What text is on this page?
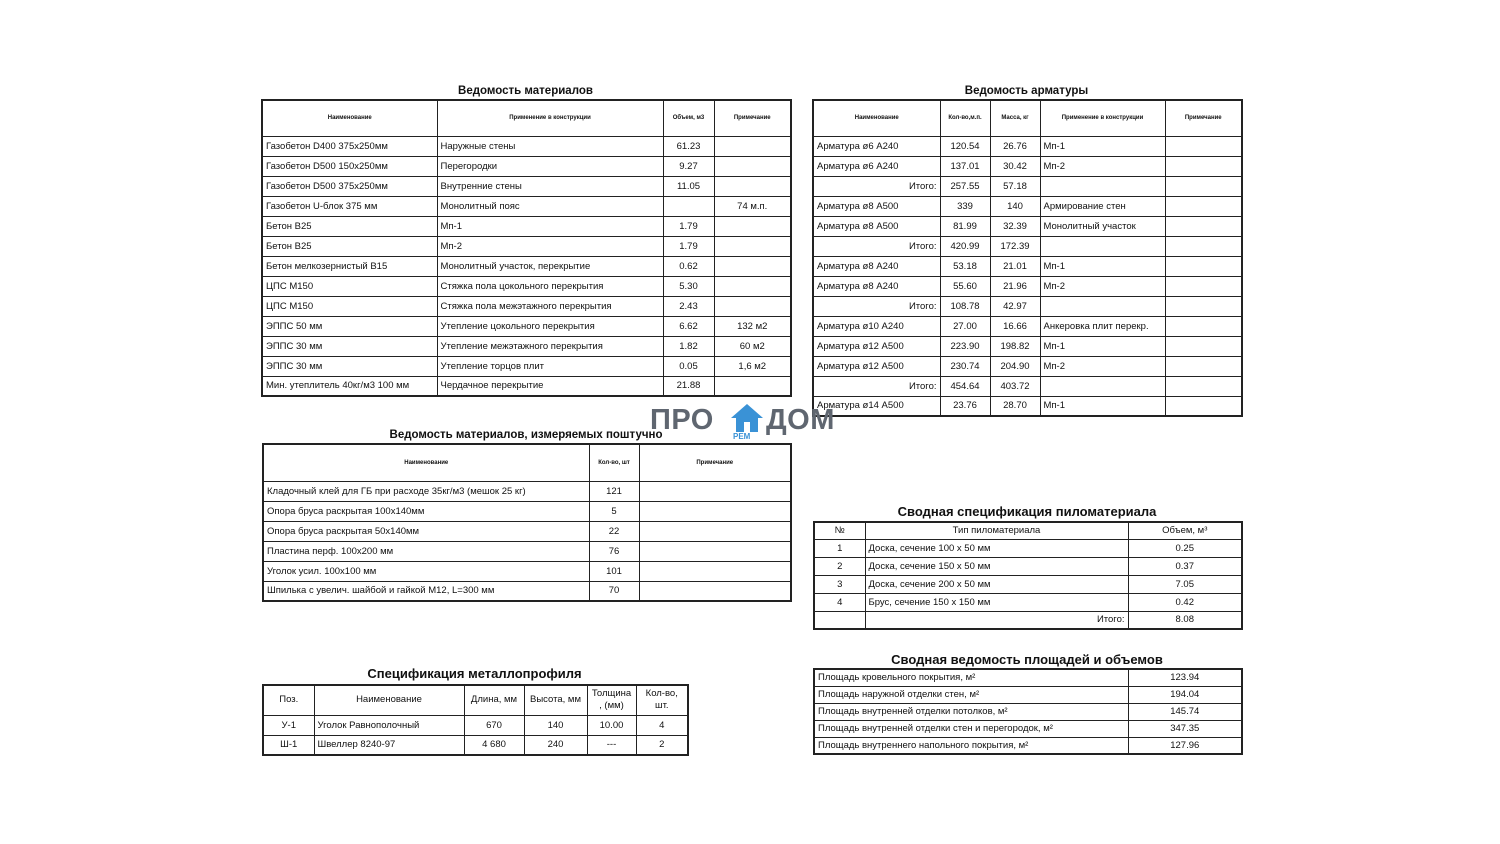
Ведомость материалов
Наименование	Применение в конструкции	Объем, м3	Примечание
Газобетон D400 375х250мм	Наружные стены	61.23	
Газобетон D500 150х250мм	Перегородки	9.27	
Газобетон D500 375х250мм	Внутренние стены	11.05	
Газобетон U-блок 375 мм	Монолитный пояс		74 м.п.
Бетон В25	Мп-1	1.79	
Бетон В25	Мп-2	1.79	
Бетон мелкозернистый В15	Монолитный участок, перекрытие	0.62	
ЦПС М150	Стяжка пола цокольного перекрытия	5.30	
ЦПС М150	Стяжка пола межэтажного перекрытия	2.43	
ЭППС 50 мм	Утепление цокольного перекрытия	6.62	132 м2
ЭППС 30 мм	Утепление межэтажного перекрытия	1.82	60 м2
ЭППС 30 мм	Утепление торцов плит	0.05	1,6 м2
Мин. утеплитель 40кг/м3 100 мм	Чердачное перекрытие	21.88	
Ведомость арматуры
Наименование	Кол-во,м.п.	Масса, кг	Применение в конструкции	Примечание
Арматура ø6 А240	120.54	26.76	Мп-1	
Арматура ø6 А240	137.01	30.42	Мп-2	
Итого:	257.55	57.18		
Арматура ø8 А500	339	140	Армирование стен	
Арматура ø8 А500	81.99	32.39	Монолитный участок	
Итого:	420.99	172.39		
Арматура ø8 А240	53.18	21.01	Мп-1	
Арматура ø8 А240	55.60	21.96	Мп-2	
Итого:	108.78	42.97		
Арматура ø10 А240	27.00	16.66	Анкеровка плит перекр.	
Арматура ø12 А500	223.90	198.82	Мп-1	
Арматура ø12 А500	230.74	204.90	Мп-2	
Итого:	454.64	403.72		
Арматура ø14 А500	23.76	28.70	Мп-1	
Ведомость материалов, измеряемых поштучно
Наименование	Кол-во, шт	Примечание
Кладочный клей для ГБ при расходе 35кг/м3 (мешок 25 кг)	121	
Опора бруса раскрытая 100х140мм	5	
Опора бруса раскрытая 50х140мм	22	
Пластина перф. 100х200 мм	76	
Уголок усил. 100х100 мм	101	
Шпилька с увелич. шайбой и гайкой М12, L=300 мм	70	
Сводная спецификация пиломатериала
№	Тип пиломатериала	Объем, м³
1	Доска, сечение 100 х 50 мм	0.25
2	Доска, сечение 150 х 50 мм	0.37
3	Доска, сечение 200 х 50 мм	7.05
4	Брус, сечение 150 х 150 мм	0.42
	Итого:	8.08
Спецификация металлопрофиля
Поз.	Наименование	Длина, мм	Высота, мм	Толщина , (мм)	Кол-во, шт.
У-1	Уголок Равнополочный	670	140	10.00	4
Ш-1	Швеллер 8240-97	4 680	240	---	2
Сводная ведомость площадей и объемов
Площадь кровельного покрытия, м²	123.94
Площадь наружной отделки стен, м²	194.04
Площадь внутренней отделки потолков, м²	145.74
Площадь внутренней отделки стен и перегородок, м²	347.35
Площадь внутреннего напольного покрытия, м²	127.96
ПРО
РЕМ
ДОМ
